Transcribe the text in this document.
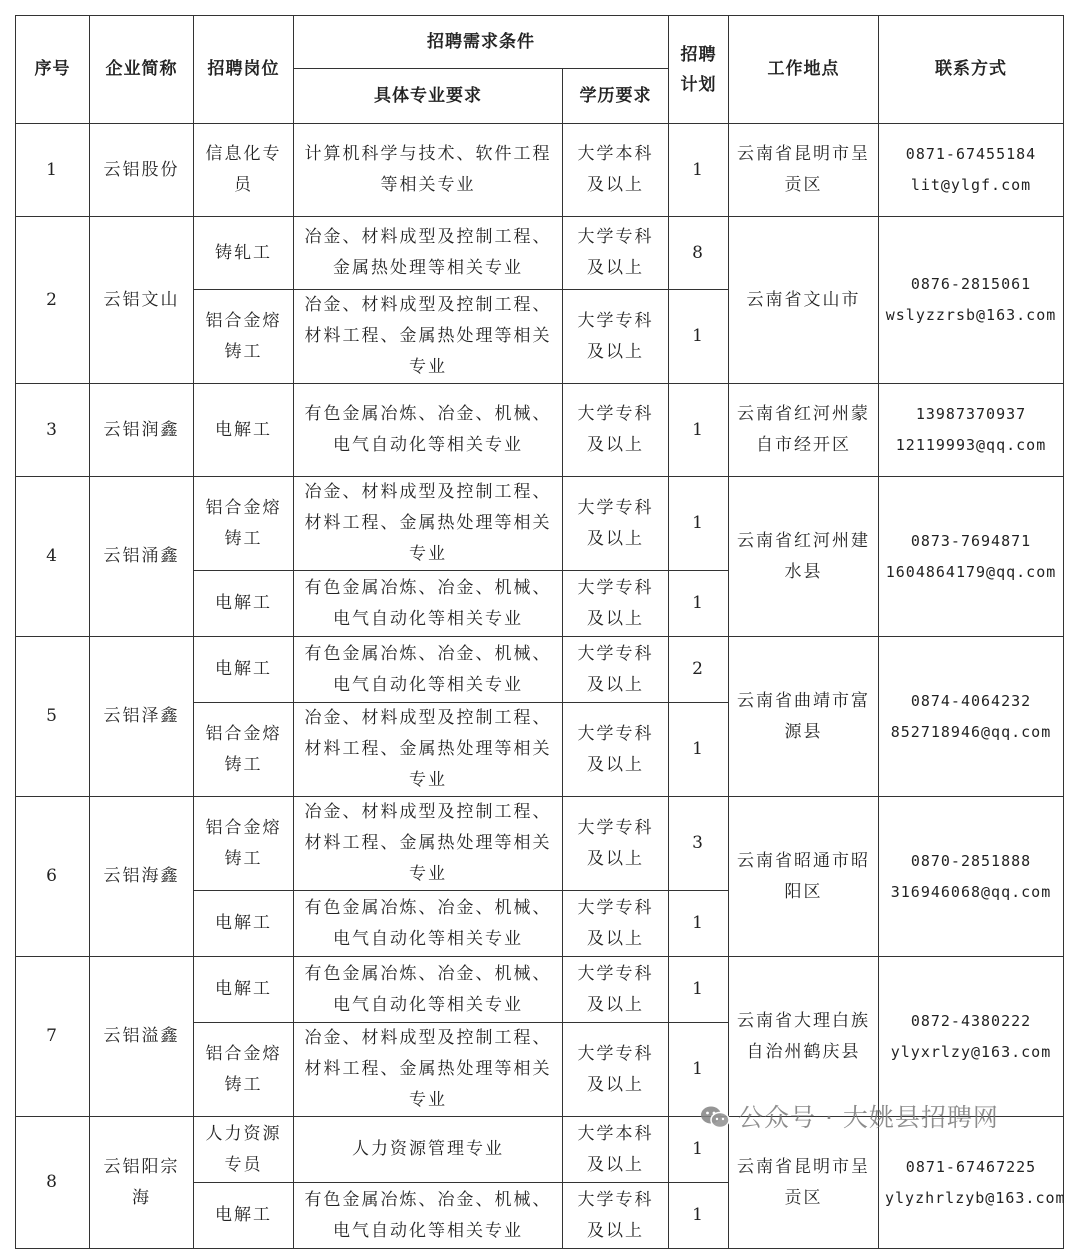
序号	企业简称	招聘岗位	招聘需求条件		招聘计划	工作地点	联系方式
			具体专业要求	学历要求			
1	云铝股份	信息化专员	计算机科学与技术、软件工程等相关专业	大学本科及以上	1	云南省昆明市呈贡区	0871-67455184
lit@ylgf.com

2	云铝文山	铸轧工	冶金、材料成型及控制工程、金属热处理等相关专业	大学专科及以上	8	云南省文山市	0876-2815061
wslyzzrsb@163.com

		铝合金熔铸工	冶金、材料成型及控制工程、材料工程、金属热处理等相关专业	大学专科及以上	1		
3	云铝润鑫	电解工	有色金属冶炼、冶金、机械、电气自动化等相关专业	大学专科及以上	1	云南省红河州蒙自市经开区	13987370937
12119993@qq.com

4	云铝涌鑫	铝合金熔铸工	冶金、材料成型及控制工程、材料工程、金属热处理等相关专业	大学专科及以上	1	云南省红河州建水县	0873-7694871
1604864179@qq.com

		电解工	有色金属冶炼、冶金、机械、电气自动化等相关专业	大学专科及以上	1		
5	云铝泽鑫	电解工	有色金属冶炼、冶金、机械、电气自动化等相关专业	大学专科及以上	2	云南省曲靖市富源县	0874-4064232
852718946@qq.com

		铝合金熔铸工	冶金、材料成型及控制工程、材料工程、金属热处理等相关专业	大学专科及以上	1		
6	云铝海鑫	铝合金熔铸工	冶金、材料成型及控制工程、材料工程、金属热处理等相关专业	大学专科及以上	3	云南省昭通市昭阳区	0870-2851888
316946068@qq.com

		电解工	有色金属冶炼、冶金、机械、电气自动化等相关专业	大学专科及以上	1		
7	云铝溢鑫	电解工	有色金属冶炼、冶金、机械、电气自动化等相关专业	大学专科及以上	1	云南省大理白族自治州鹤庆县	0872-4380222
ylyxrlzy@163.com

		铝合金熔铸工	冶金、材料成型及控制工程、材料工程、金属热处理等相关专业	大学专科及以上	1		
8	云铝阳宗海	人力资源专员	人力资源管理专业	大学本科及以上	1	云南省昆明市呈贡区	0871-67467225
ylyzhrlzyb@163.com

		电解工	有色金属冶炼、冶金、机械、电气自动化等相关专业	大学专科及以上	1		
公众号 · 大姚县招聘网
